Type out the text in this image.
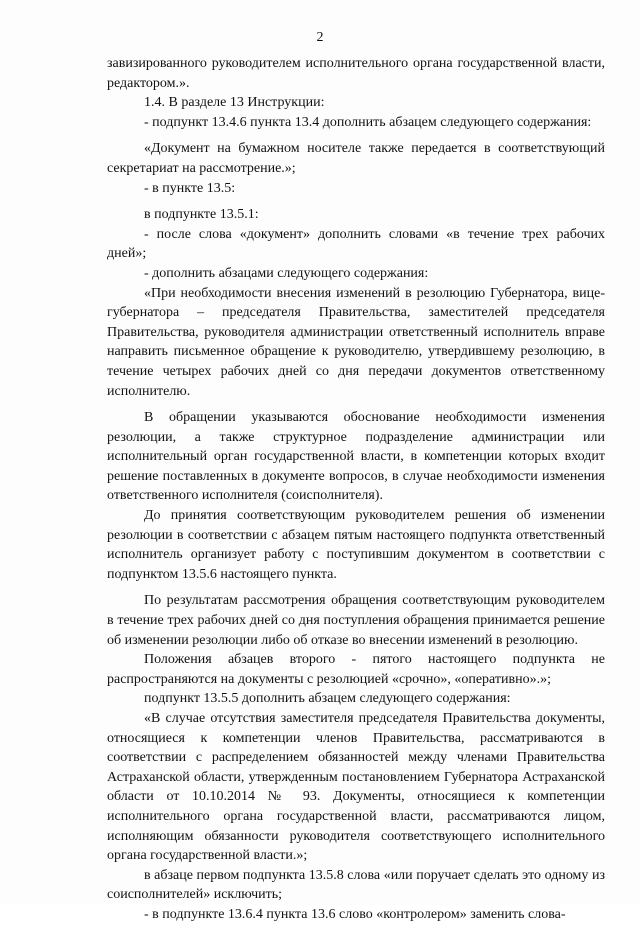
2

завизированного руководителем исполнительного органа государственной власти, редактором.».

1.4. В разделе 13 Инструкции:

- подпункт 13.4.6 пункта 13.4 дополнить абзацем следующего содержания:

«Документ на бумажном носителе также передается в соответствующий секретариат на рассмотрение.»;

- в пункте 13.5:

в подпункте 13.5.1:

- после слова «документ» дополнить словами «в течение трех рабочих дней»;

- дополнить абзацами следующего содержания:

«При необходимости внесения изменений в резолюцию Губернатора, вице-губернатора – председателя Правительства, заместителей председателя Правительства, руководителя администрации ответственный исполнитель вправе направить письменное обращение к руководителю, утвердившему резолюцию, в течение четырех рабочих дней со дня передачи документов ответственному исполнителю.

В обращении указываются обоснование необходимости изменения резолюции, а также структурное подразделение администрации или исполнительный орган государственной власти, в компетенции которых входит решение поставленных в документе вопросов, в случае необходимости изменения ответственного исполнителя (соисполнителя).

До принятия соответствующим руководителем решения об изменении резолюции в соответствии с абзацем пятым настоящего подпункта ответственный исполнитель организует работу с поступившим документом в соответствии с подпунктом 13.5.6 настоящего пункта.

По результатам рассмотрения обращения соответствующим руководителем в течение трех рабочих дней со дня поступления обращения принимается решение об изменении резолюции либо об отказе во внесении изменений в резолюцию.

Положения абзацев второго - пятого настоящего подпункта не распространяются на документы с резолюцией «срочно», «оперативно».»;

подпункт 13.5.5 дополнить абзацем следующего содержания:

«В случае отсутствия заместителя председателя Правительства документы, относящиеся к компетенции членов Правительства, рассматриваются в соответствии с распределением обязанностей между членами Правительства Астраханской области, утвержденным постановлением Губернатора Астраханской области от 10.10.2014 № 93. Документы, относящиеся к компетенции исполнительного органа государственной власти, рассматриваются лицом, исполняющим обязанности руководителя соответствующего исполнительного органа государственной власти.»;

в абзаце первом подпункта 13.5.8 слова «или поручает сделать это одному из соисполнителей» исключить;

- в подпункте 13.6.4 пункта 13.6 слово «контролером» заменить слова-
